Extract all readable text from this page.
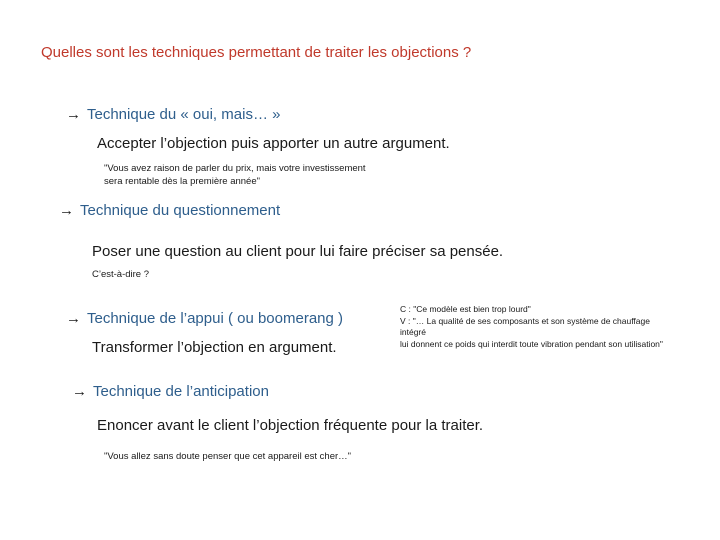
Quelles sont les techniques permettant de traiter les objections ?
→ Technique du « oui, mais… »
Accepter l’objection puis apporter un autre argument.
"Vous avez raison de parler du prix, mais votre investissement
sera rentable dès la première année"
→ Technique du questionnement
Poser une question au client pour lui faire préciser sa pensée.
C’est-à-dire ?
→ Technique de l’appui ( ou boomerang )
Transformer l’objection en argument.
C : "Ce modèle est bien trop lourd"
V : "… La qualité de ses composants et son système de chauffage intégré
lui donnent ce poids qui interdit toute vibration pendant son utilisation"
→ Technique de l’anticipation
Enoncer avant le client l’objection fréquente pour la traiter.
"Vous allez sans doute penser que cet appareil est cher…"
